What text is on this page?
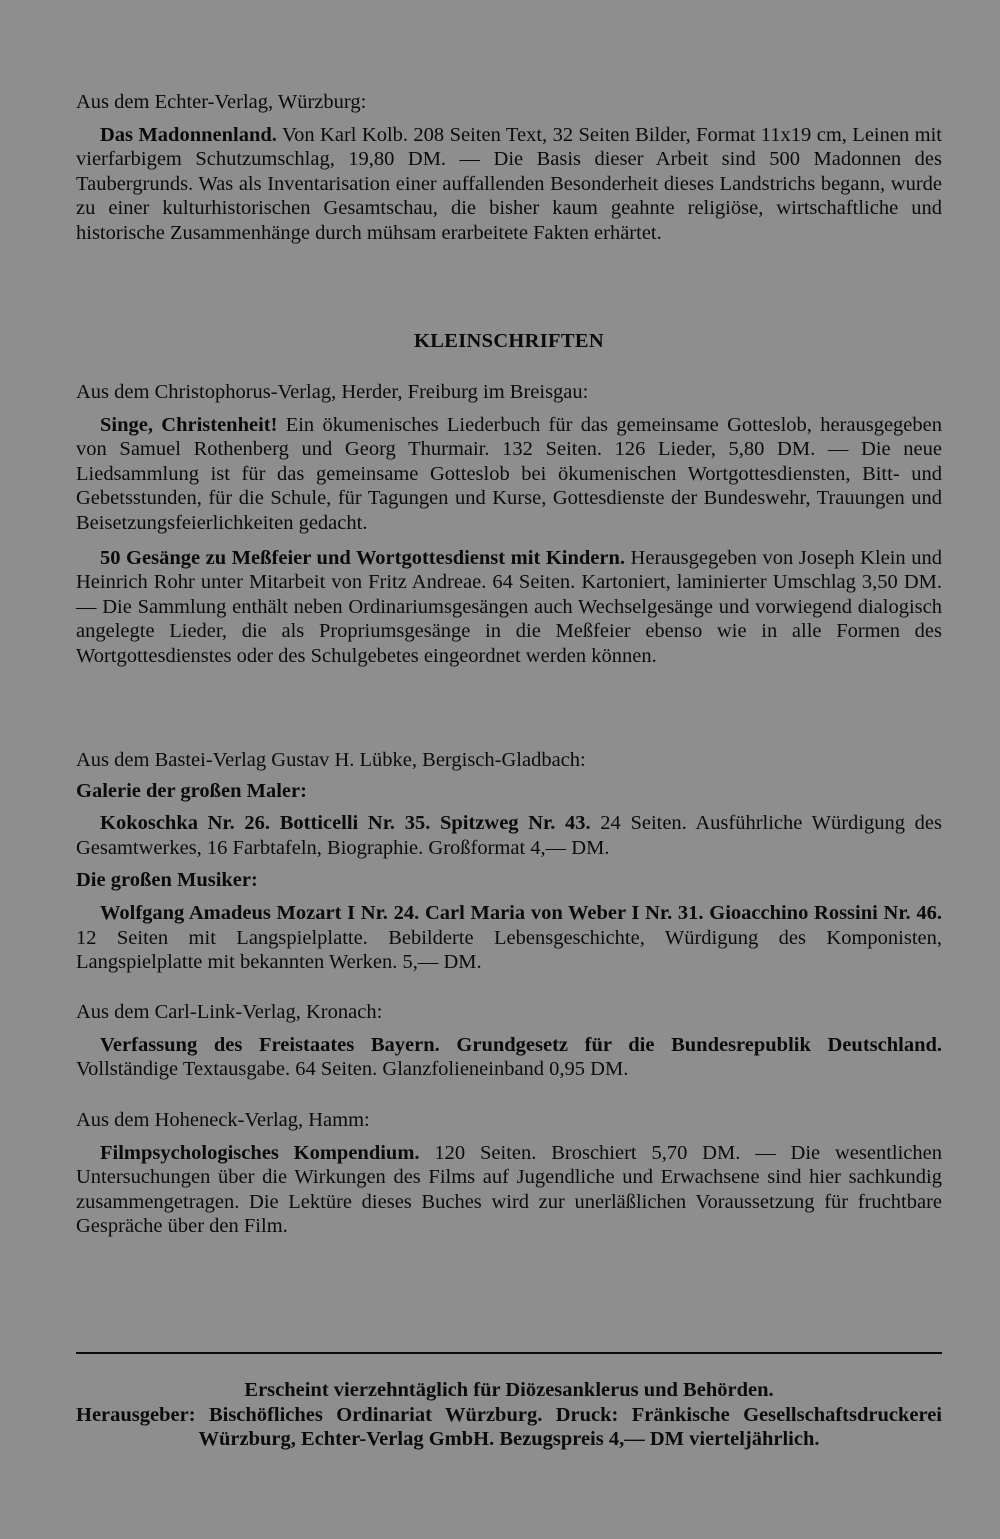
Aus dem Echter-Verlag, Würzburg:

Das Madonnenland. Von Karl Kolb. 208 Seiten Text, 32 Seiten Bilder, Format 11x19 cm, Leinen mit vierfarbigem Schutzumschlag, 19,80 DM. — Die Basis dieser Arbeit sind 500 Madonnen des Taubergrunds. Was als Inventarisation einer auffallenden Besonderheit dieses Landstrichs begann, wurde zu einer kulturhistorischen Gesamtschau, die bisher kaum geahnte religiöse, wirtschaftliche und historische Zusammenhänge durch mühsam erarbeitete Fakten erhärtet.

KLEINSCHRIFTEN

Aus dem Christophorus-Verlag, Herder, Freiburg im Breisgau:

Singe, Christenheit! Ein ökumenisches Liederbuch für das gemeinsame Gotteslob, herausgegeben von Samuel Rothenberg und Georg Thurmair. 132 Seiten. 126 Lieder, 5,80 DM. — Die neue Liedsammlung ist für das gemeinsame Gotteslob bei ökumenischen Wortgottesdiensten, Bitt- und Gebetsstunden, für die Schule, für Tagungen und Kurse, Gottesdienste der Bundeswehr, Trauungen und Beisetzungsfeierlichkeiten gedacht.

50 Gesänge zu Meßfeier und Wortgottesdienst mit Kindern. Herausgegeben von Joseph Klein und Heinrich Rohr unter Mitarbeit von Fritz Andreae. 64 Seiten. Kartoniert, laminierter Umschlag 3,50 DM. — Die Sammlung enthält neben Ordinariumsgesängen auch Wechselgesänge und vorwiegend dialogisch angelegte Lieder, die als Propriumsgesänge in die Meßfeier ebenso wie in alle Formen des Wortgottesdienstes oder des Schulgebetes eingeordnet werden können.

Aus dem Bastei-Verlag Gustav H. Lübke, Bergisch-Gladbach:

Galerie der großen Maler:

Kokoschka Nr. 26. Botticelli Nr. 35. Spitzweg Nr. 43. 24 Seiten. Ausführliche Würdigung des Gesamtwerkes, 16 Farbtafeln, Biographie. Großformat 4,— DM.

Die großen Musiker:

Wolfgang Amadeus Mozart I Nr. 24. Carl Maria von Weber I Nr. 31. Gioacchino Rossini Nr. 46. 12 Seiten mit Langspielplatte. Bebilderte Lebensgeschichte, Würdigung des Komponisten, Langspielplatte mit bekannten Werken. 5,— DM.

Aus dem Carl-Link-Verlag, Kronach:

Verfassung des Freistaates Bayern. Grundgesetz für die Bundesrepublik Deutschland. Vollständige Textausgabe. 64 Seiten. Glanzfolieneinband 0,95 DM.

Aus dem Hoheneck-Verlag, Hamm:

Filmpsychologisches Kompendium. 120 Seiten. Broschiert 5,70 DM. — Die wesentlichen Untersuchungen über die Wirkungen des Films auf Jugendliche und Erwachsene sind hier sachkundig zusammengetragen. Die Lektüre dieses Buches wird zur unerläßlichen Voraussetzung für fruchtbare Gespräche über den Film.

Erscheint vierzehntäglich für Diözesanklerus und Behörden.

Herausgeber: Bischöfliches Ordinariat Würzburg. Druck: Fränkische Gesellschaftsdruckerei Würzburg, Echter-Verlag GmbH. Bezugspreis 4,— DM vierteljährlich.
